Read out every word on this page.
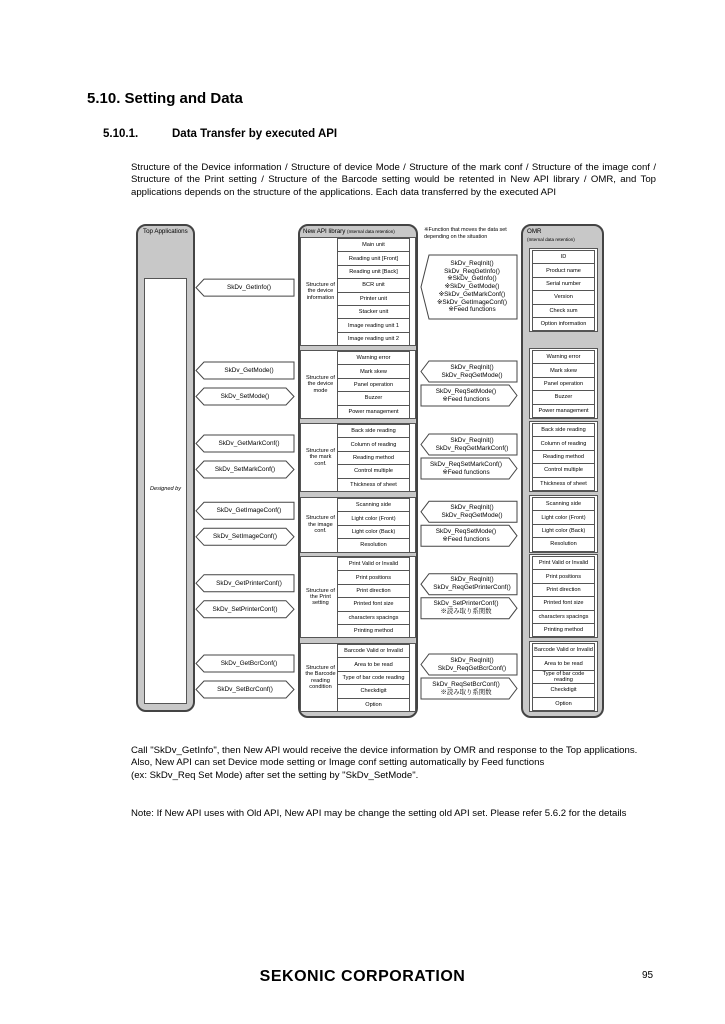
5.10. Setting and Data
5.10.1.	Data Transfer by executed API
Structure of the Device information / Structure of device Mode / Structure of the mark conf / Structure of the image conf / Structure of the Print setting / Structure of the Barcode setting would be retented in New API library / OMR, and Top applications depends on the structure of the applications. Each data transferred by the executed API
Top Applications
Designed by
New API library (Internal data retention)	OMR
(Internal data retention)
※Function that moves the data set depending on the situation
Structure of the device information
Main unit
Reading unit [Front]
Reading unit [Back]
BCR unit
Printer unit
Stacker unit
Image reading unit 1
Image reading unit 2
ID
Product name
Serial number
Version
Check sum
Option information
SkDv_GetInfo()
SkDv_ReqInit()
SkDv_ReqGetInfo()
※SkDv_GetInfo()
※SkDv_GetMode()
※SkDv_GetMarkConf()
※SkDv_GetImageConf()
※Feed functions
Structure of the device mode
Warning error
Mark skew
Panel operation
Buzzer
Power management
Warning error
Mark skew
Panel operation
Buzzer
Power management
SkDv_GetMode()
SkDv_SetMode()
SkDv_ReqInit()
SkDv_ReqGetMode()
SkDv_ReqSetMode()
※Feed functions
Structure of the mark conf.
Back side reading
Column of reading
Reading method
Control multiple
Thickness of sheet
Back side reading
Column of reading
Reading method
Control multiple
Thickness of sheet
SkDv_GetMarkConf()
SkDv_SetMarkConf()
SkDv_ReqInit()
SkDv_ReqGetMarkConf()
SkDv_ReqSetMarkConf()
※Feed functions
Structure of the image conf.
Scanning side
Light color (Front)
Light color (Back)
Resolution
Scanning side
Light color (Front)
Light color (Back)
Resolution
SkDv_GetImageConf()
SkDv_SetImageConf()
SkDv_ReqInit()
SkDv_ReqGetMode()
SkDv_ReqSetMode()
※Feed functions
Structure of the Print setting
Print Valid or Invalid
Print positions
Print direction
Printed font size
characters spacings
Printing method
Print Valid or Invalid
Print positions
Print direction
Printed font size
characters spacings
Printing method
SkDv_GetPrinterConf()
SkDv_SetPrinterConf()
SkDv_ReqInit()
SkDv_ReqGetPrinterConf()
SkDv_SetPrinterConf()
※読み取り系関数
Structure of the Barcode reading condition
Barcode Valid or Invalid
Area to be read
Type of bar code reading
Checkdigit
Option
Barcode Valid or Invalid
Area to be read
Type of bar code reading
Checkdigit
Option
SkDv_GetBcrConf()
SkDv_SetBcrConf()
SkDv_ReqInit()
SkDv_ReqGetBcrConf()
SkDv_ReqSetBcrConf()
※読み取り系関数
Call "SkDv_GetInfo", then New API would receive the device information by OMR and response to the Top applications.
Also, New API can set Device mode setting or Image conf setting automatically by Feed functions
(ex: SkDv_Req Set Mode) after set the setting by "SkDv_SetMode".
Note: If New API uses with Old API, New API may be change the setting old API set. Please refer 5.6.2 for the details
SEKONIC CORPORATION	95
